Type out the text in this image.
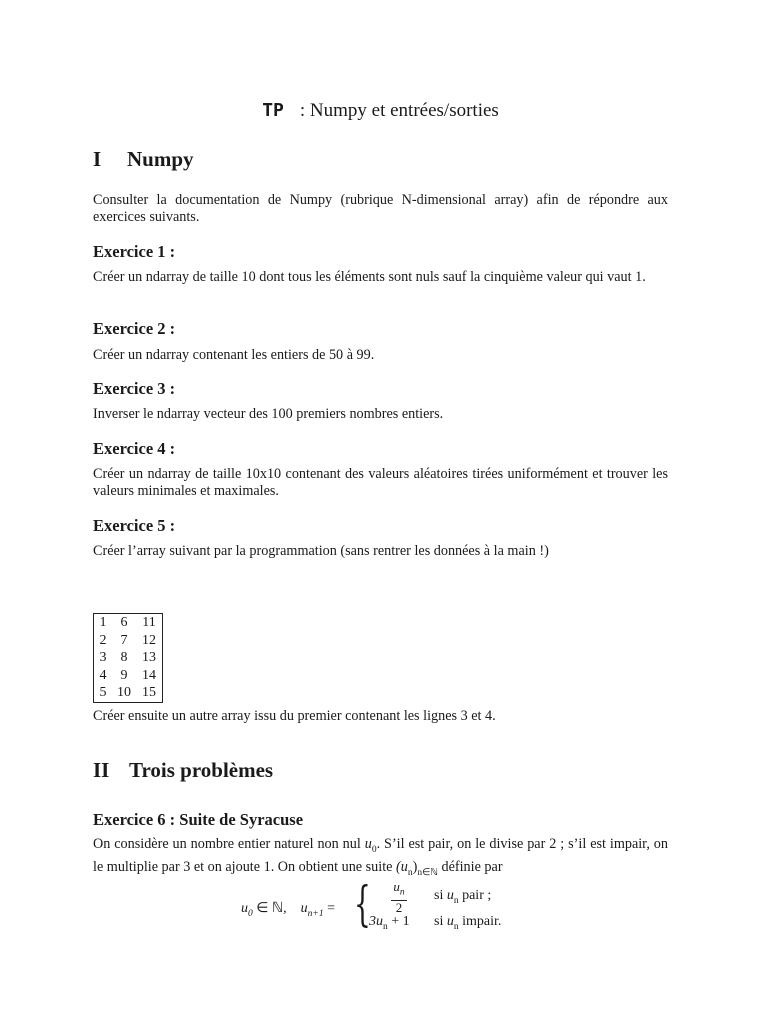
TP : Numpy et entrées/sorties
I Numpy
Consulter la documentation de Numpy (rubrique N-dimensional array) afin de répondre aux exercices suivants.
Exercice 1 :
Créer un ndarray de taille 10 dont tous les éléments sont nuls sauf la cinquième valeur qui vaut 1.
Exercice 2 :
Créer un ndarray contenant les entiers de 50 à 99.
Exercice 3 :
Inverser le ndarray vecteur des 100 premiers nombres entiers.
Exercice 4 :
Créer un ndarray de taille 10x10 contenant des valeurs aléatoires tirées uniformément et trouver les valeurs minimales et maximales.
Exercice 5 :
Créer l’array suivant par la programmation (sans rentrer les données à la main !)
1	6	11
2	7	12
3	8	13
4	9	14
5	10	15
Créer ensuite un autre array issu du premier contenant les lignes 3 et 4.
II Trois problèmes
Exercice 6 : Suite de Syracuse
On considère un nombre entier naturel non nul $u_0$. S’il est pair, on le divise par 2 ; s’il est impair, on le multiplie par 3 et on ajoute 1. On obtient une suite $(u_n)_{n\in ℕ}$ définie par
$u_0$ ∈ ℕ, $u_{n+1}$ = { $\frac{u_n}{2}$
$3u_n + 1$
si $u_n$ pair ;
si $u_n$ impair.
